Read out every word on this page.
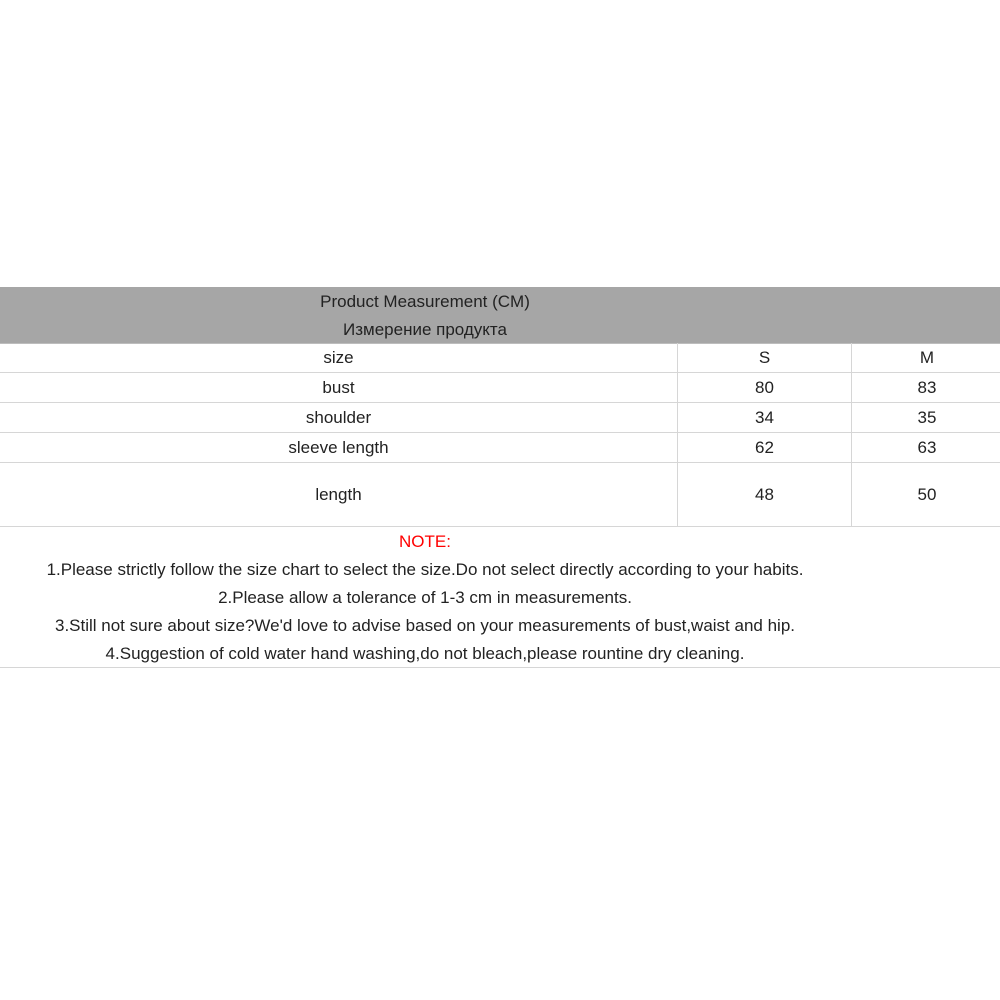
Product Measurement (CM)
Измерение продукта
size	S	M
bust	80	83
shoulder	34	35
sleeve length	62	63
length	48	50
NOTE:
1.Please strictly follow the size chart to select the size.Do not select directly according to your habits.
2.Please allow a tolerance of 1-3 cm in measurements.
3.Still not sure about size?We'd love to advise based on your measurements of bust,waist and hip.
4.Suggestion of cold water hand washing,do not bleach,please rountine dry cleaning.
